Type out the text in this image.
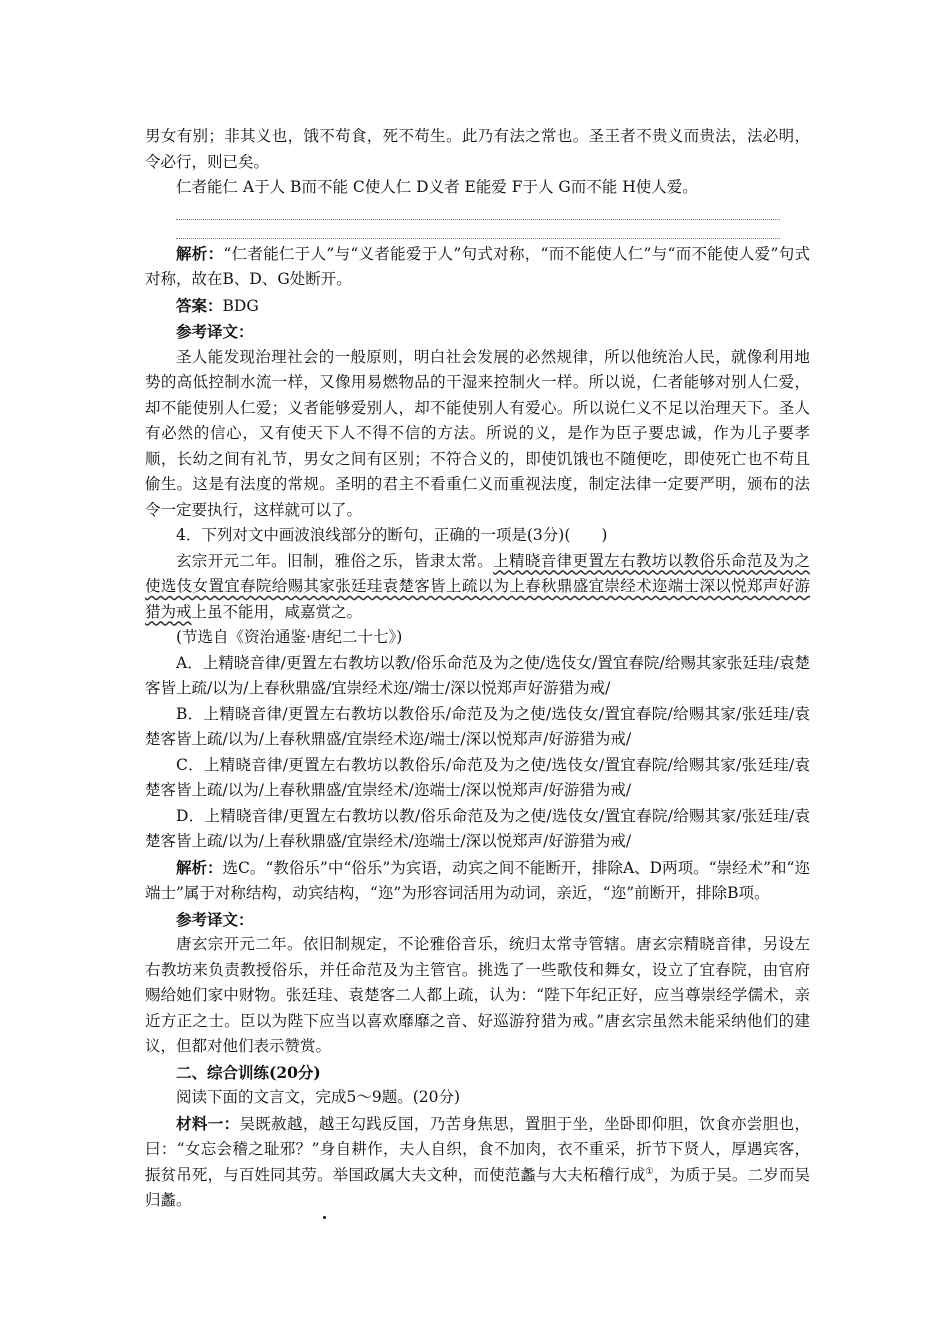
男女有别；非其义也，饿不苟食，死不苟生。此乃有法之常也。圣王者不贵义而贵法，法必明，令必行，则已矣。

仁者能仁 A于人 B而不能 C使人仁 D义者 E能爱 F于人 G而不能 H使人爱。

解析：“仁者能仁于人”与“义者能爱于人”句式对称，“而不能使人仁”与“而不能使人爱”句式对称，故在B、D、G处断开。

答案：BDG

参考译文：

圣人能发现治理社会的一般原则，明白社会发展的必然规律，所以他统治人民，就像利用地势的高低控制水流一样，又像用易燃物品的干湿来控制火一样。所以说，仁者能够对别人仁爱，却不能使别人仁爱；义者能够爱别人，却不能使别人有爱心。所以说仁义不足以治理天下。圣人有必然的信心，又有使天下人不得不信的方法。所说的义，是作为臣子要忠诚，作为儿子要孝顺，长幼之间有礼节，男女之间有区别；不符合义的，即使饥饿也不随便吃，即使死亡也不苟且偷生。这是有法度的常规。圣明的君主不看重仁义而重视法度，制定法律一定要严明，颁布的法令一定要执行，这样就可以了。

4．下列对文中画波浪线部分的断句，正确的一项是(3分)(　　)

玄宗开元二年。旧制，雅俗之乐，皆隶太常。上精晓音律更置左右教坊以教俗乐命范及为之使选伎女置宜春院给赐其家张廷珪袁楚客皆上疏以为上春秋鼎盛宜崇经术迩端士深以悦郑声好游猎为戒上虽不能用，咸嘉赏之。

(节选自《资治通鉴·唐纪二十七》)

A．上精晓音律/更置左右教坊以教/俗乐命范及为之使/选伎女/置宜春院/给赐其家张廷珪/袁楚客皆上疏/以为/上春秋鼎盛/宜崇经术迩/端士/深以悦郑声好游猎为戒/

B．上精晓音律/更置左右教坊以教俗乐/命范及为之使/选伎女/置宜春院/给赐其家/张廷珪/袁楚客皆上疏/以为/上春秋鼎盛/宜崇经术迩/端士/深以悦郑声/好游猎为戒/

C．上精晓音律/更置左右教坊以教俗乐/命范及为之使/选伎女/置宜春院/给赐其家/张廷珪/袁楚客皆上疏/以为/上春秋鼎盛/宜崇经术/迩端士/深以悦郑声/好游猎为戒/

D．上精晓音律/更置左右教坊以教/俗乐命范及为之使/选伎女/置宜春院/给赐其家/张廷珪/袁楚客皆上疏/以为/上春秋鼎盛/宜崇经术/迩端士/深以悦郑声/好游猎为戒/

解析：选C。“教俗乐”中“俗乐”为宾语，动宾之间不能断开，排除A、D两项。“崇经术”和“迩端士”属于对称结构，动宾结构，“迩”为形容词活用为动词，亲近，“迩”前断开，排除B项。

参考译文：

唐玄宗开元二年。依旧制规定，不论雅俗音乐，统归太常寺管辖。唐玄宗精晓音律，另设左右教坊来负责教授俗乐，并任命范及为主管官。挑选了一些歌伎和舞女，设立了宜春院，由官府赐给她们家中财物。张廷珪、袁楚客二人都上疏，认为：“陛下年纪正好，应当尊崇经学儒术，亲近方正之士。臣以为陛下应当以喜欢靡靡之音、好巡游狩猎为戒。”唐玄宗虽然未能采纳他们的建议，但都对他们表示赞赏。

二、综合训练(20分)

阅读下面的文言文，完成5～9题。(20分)

材料一：吴既赦越，越王勾践反国，乃苦身焦思，置胆于坐，坐卧即仰胆，饮食亦尝胆也，曰：“女忘会稽之耻邪？”身自耕作，夫人自织，食不加肉，衣不重采，折节下贤人，厚遇宾客，振贫吊死，与百姓同其劳。举国政属大夫文种，而使范蠡与大夫柘稽行成①，为质于吴。二岁而吴归蠡。
